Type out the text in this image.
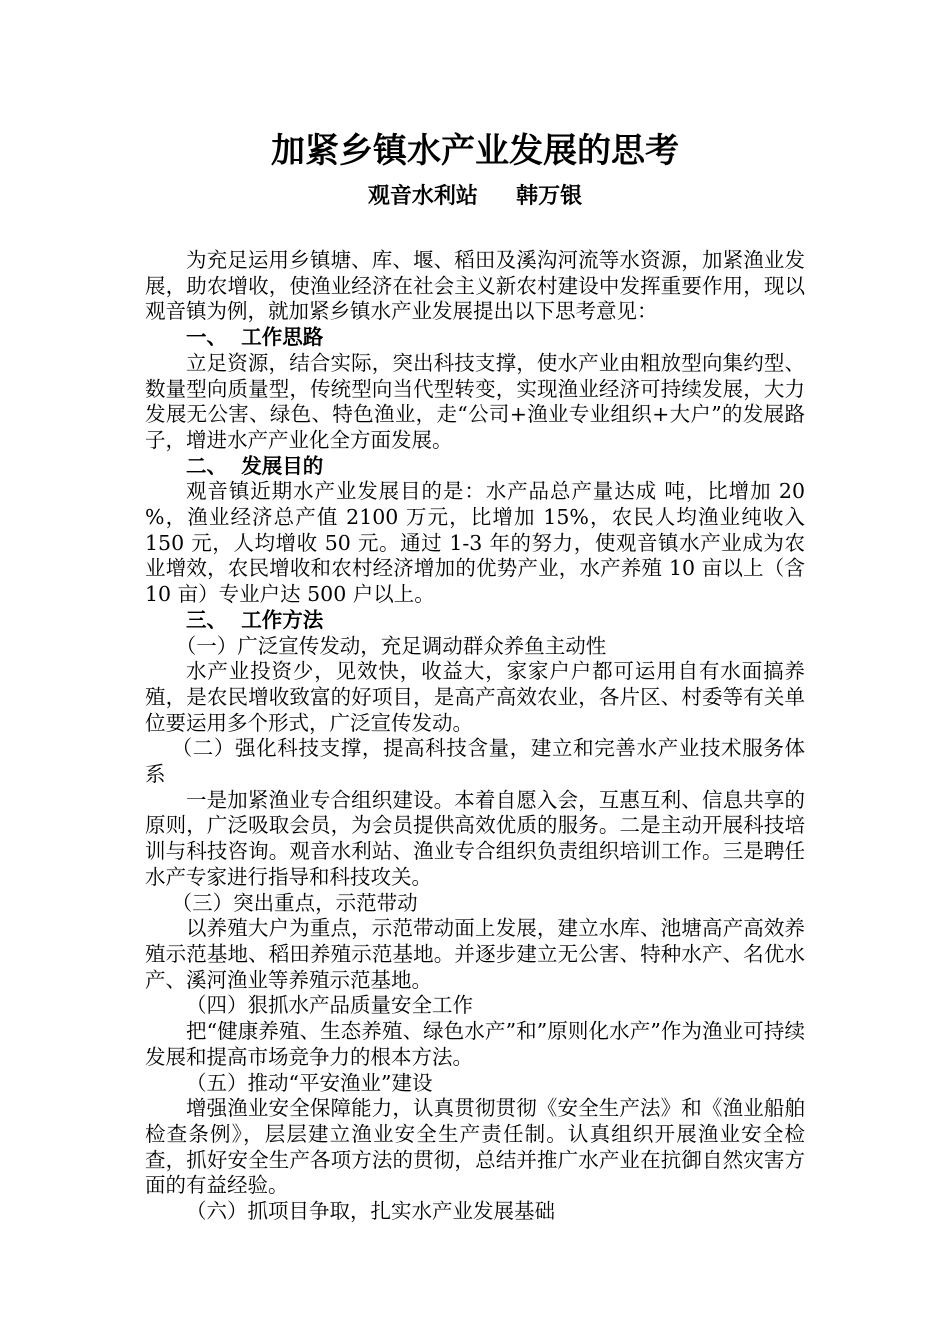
加紧乡镇水产业发展的思考
观音水利站     韩万银

为充足运用乡镇塘、库、堰、稻田及溪沟河流等水资源，加紧渔业发展，助农增收，使渔业经济在社会主义新农村建设中发挥重要作用，现以观音镇为例，就加紧乡镇水产业发展提出以下思考意见：

一、  工作思路

立足资源，结合实际，突出科技支撑，使水产业由粗放型向集约型、数量型向质量型，传统型向当代型转变，实现渔业经济可持续发展，大力发展无公害、绿色、特色渔业，走“公司+渔业专业组织+大户”的发展路子，增进水产产业化全方面发展。

二、  发展目的

观音镇近期水产业发展目的是：水产品总产量达成 吨，比增加 20 %，渔业经济总产值 2100 万元，比增加 15%，农民人均渔业纯收入 150 元，人均增收 50 元。通过 1-3 年的努力，使观音镇水产业成为农业增效，农民增收和农村经济增加的优势产业，水产养殖 10 亩以上（含 10 亩）专业户达 500 户以上。

三、  工作方法

（一）广泛宣传发动，充足调动群众养鱼主动性

水产业投资少，见效快，收益大，家家户户都可运用自有水面搞养殖，是农民增收致富的好项目，是高产高效农业，各片区、村委等有关单位要运用多个形式，广泛宣传发动。

（二）强化科技支撑，提高科技含量，建立和完善水产业技术服务体系

一是加紧渔业专合组织建设。本着自愿入会，互惠互利、信息共享的原则，广泛吸取会员，为会员提供高效优质的服务。二是主动开展科技培训与科技咨询。观音水利站、渔业专合组织负责组织培训工作。三是聘任水产专家进行指导和科技攻关。

（三）突出重点，示范带动

以养殖大户为重点，示范带动面上发展，建立水库、池塘高产高效养殖示范基地、稻田养殖示范基地。并逐步建立无公害、特种水产、名优水产、溪河渔业等养殖示范基地。

（四）狠抓水产品质量安全工作

把“健康养殖、生态养殖、绿色水产”和”原则化水产”作为渔业可持续发展和提高市场竞争力的根本方法。

（五）推动“平安渔业”建设

增强渔业安全保障能力，认真贯彻贯彻《安全生产法》和《渔业船舶检查条例》，层层建立渔业安全生产责任制。认真组织开展渔业安全检查，抓好安全生产各项方法的贯彻，总结并推广水产业在抗御自然灾害方面的有益经验。

（六）抓项目争取，扎实水产业发展基础
